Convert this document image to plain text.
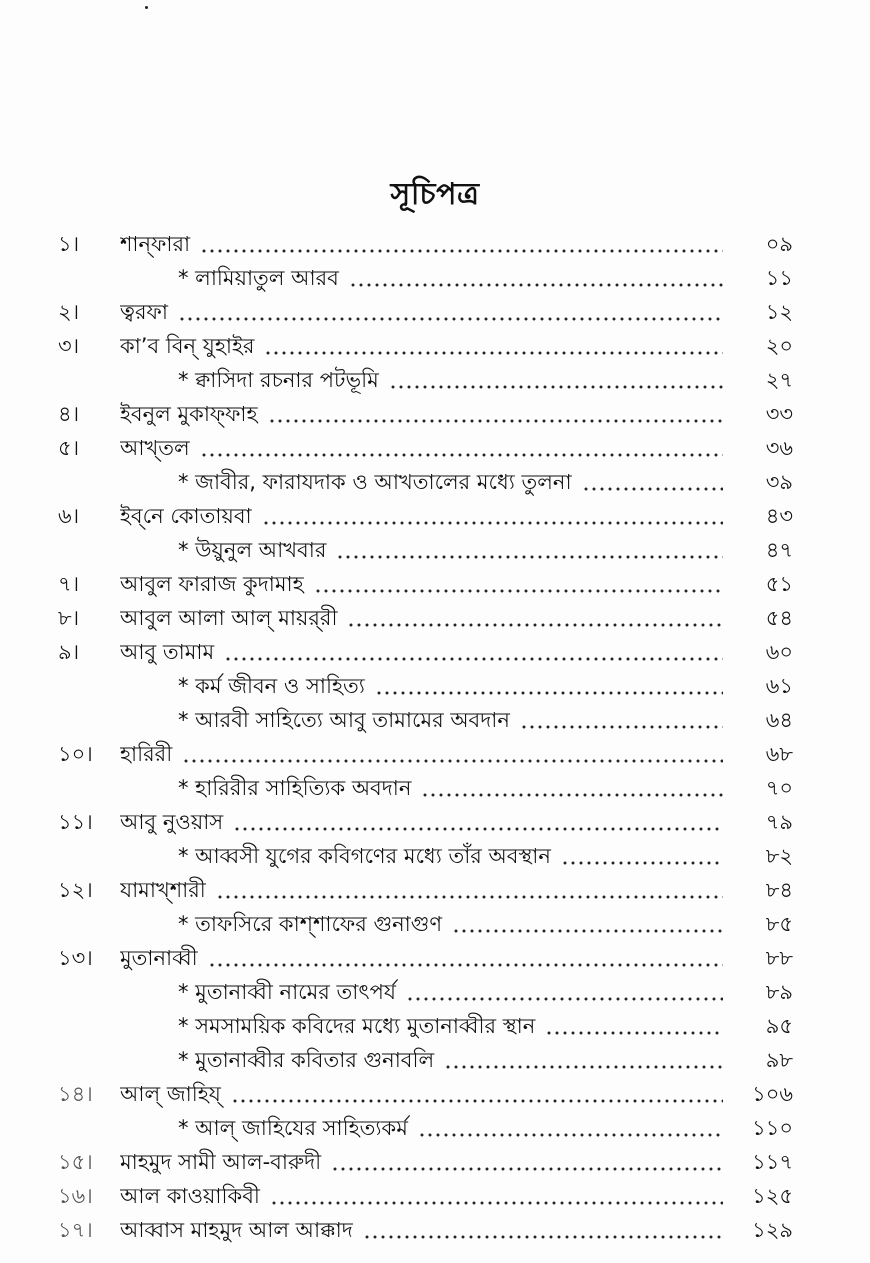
সূচিপত্র
১।	শান্‌ফারা	০৯
* লামিয়াতুল আরব	১১
২।	ত্বরফা	১২
৩।	কা’ব বিন্ যুহাইর	২০
* ক্বাসিদা রচনার পটভূমি	২৭
৪।	ইবনুল মুকাফ্‌ফাহ	৩৩
৫।	আখ্‌তল	৩৬
* জাবীর, ফারাযদাক ও আখতালের মধ্যে তুলনা	৩৯
৬।	ইব্‌নে কোতায়বা	৪৩
* উয়ুনুল আখবার	৪৭
৭।	আবুল ফারাজ কুদামাহ	৫১
৮।	আবুল আলা আল্ মায়র্‌রী	৫৪
৯।	আবু তামাম	৬০
* কর্ম জীবন ও সাহিত্য	৬১
* আরবী সাহিত্যে আবু তামামের অবদান	৬৪
১০।	হারিরী	৬৮
* হারিরীর সাহিত্যিক অবদান	৭০
১১।	আবু নুওয়াস	৭৯
* আব্বসী যুগের কবিগণের মধ্যে তাঁর অবস্থান	৮২
১২।	যামাখ্‌শারী	৮৪
* তাফসিরে কাশ্‌শাফের গুনাগুণ	৮৫
১৩।	মুতানাব্বী	৮৮
* মুতানাব্বী নামের তাৎপর্য	৮৯
* সমসাময়িক কবিদের মধ্যে মুতানাব্বীর স্থান	৯৫
* মুতানাব্বীর কবিতার গুনাবলি	৯৮
১৪।	আল্ জাহিয্	১০৬
* আল্ জাহিযের সাহিত্যকর্ম	১১০
১৫।	মাহমুদ সামী আল-বারুদী	১১৭
১৬।	আল কাওয়াকিবী	১২৫
১৭।	আব্বাস মাহমুদ আল আক্কাদ	১২৯
